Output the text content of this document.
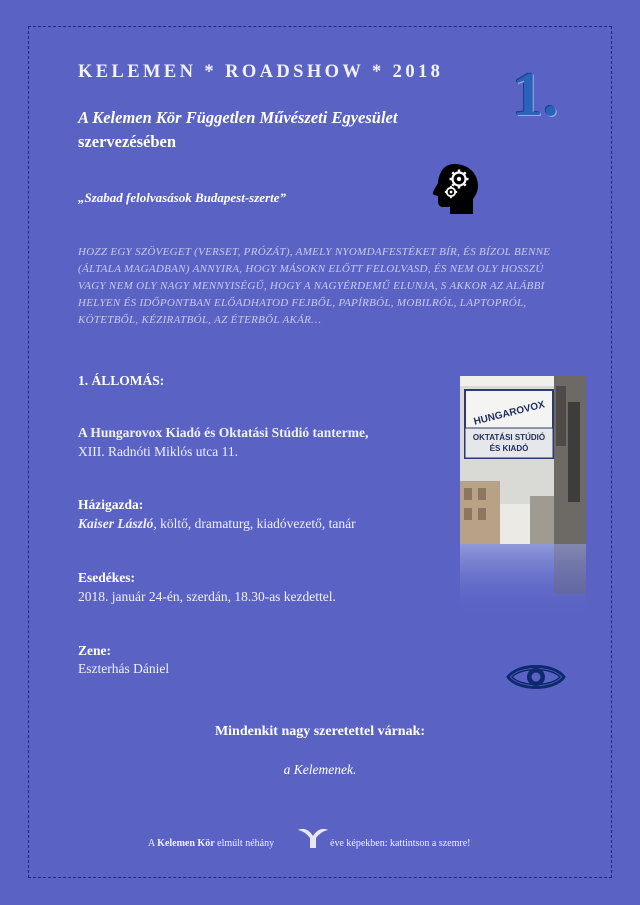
KELEMEN * ROADSHOW * 2018 1.
A Kelemen Kör Független Művészeti Egyesület
szervezésében
„Szabad felolvasások Budapest-szerte”
HOZZ EGY SZÖVEGET (VERSET, PRÓZÁT), AMELY NYOMDAFESTÉKET BÍR, ÉS BÍZOL BENNE (ÁLTALA MAGADBAN) ANNYIRA, HOGY MÁSOKN ELŐTT FELOLVASD, ÉS NEM OLY HOSSZÚ VAGY NEM OLY NAGY MENNYISÉGŰ, HOGY A NAGYÉRDEMŰ ELUNJA, S AKKOR AZ ALÁBBI HELYEN ÉS IDŐPONTBAN ELŐADHATOD FEJBŐL, PAPÍRBÓL, MOBILRÓL, LAPTOPRÓL, KÖTETBŐL, KÉZIRATBÓL, AZ ÉTERBŐL AKÁR…
1. ÁLLOMÁS:
A Hungarovox Kiadó és Oktatási Stúdió tanterme,
XIII. Radnóti Miklós utca 11.
Házigazda:
Kaiser László, költő, dramaturg, kiadóvezető, tanár
Esedékes:
2018. január 24-én, szerdán, 18.30-as kezdettel.
Zene:
Eszterhás Dániel
HUNGAROVOX
OKTATÁSI STÚDIÓ
ÉS KIADÓ
Mindenkit nagy szeretettel várnak:
a Kelemenek.
A Kelemen Kör elmúlt néhány	éve képekben: kattintson a szemre!
